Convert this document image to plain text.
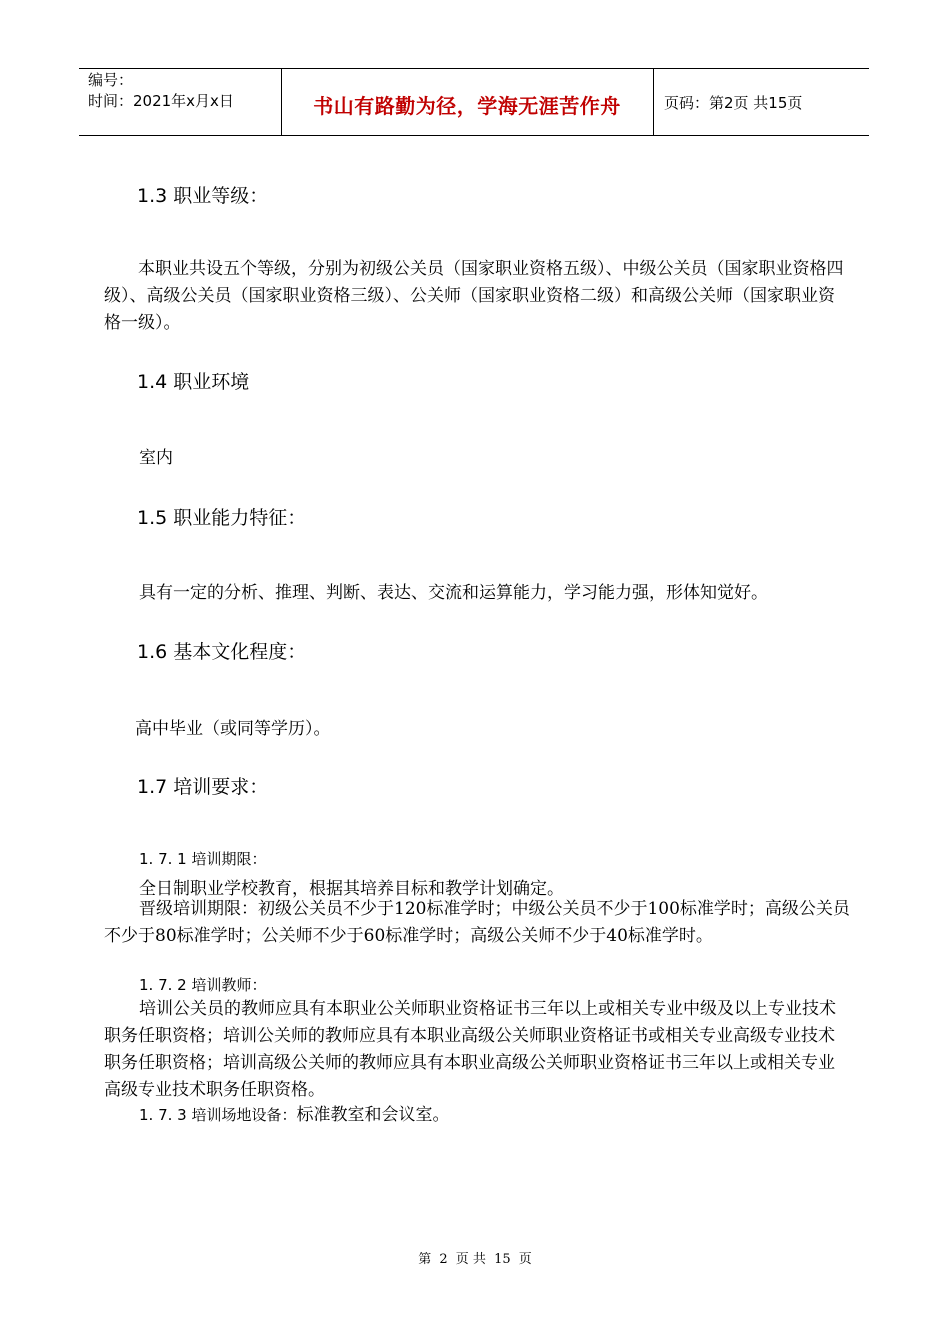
编号：
时间：2021年x月x日	书山有路勤为径，学海无涯苦作舟	页码：第2页 共15页
1.3 职业等级：

本职业共设五个等级，分别为初级公关员（国家职业资格五级）、中级公关员（国家职业资格四级）、高级公关员（国家职业资格三级）、公关师（国家职业资格二级）和高级公关师（国家职业资格一级）。

1.4 职业环境

室内

1.5 职业能力特征：

具有一定的分析、推理、判断、表达、交流和运算能力，学习能力强，形体知觉好。

1.6 基本文化程度：

高中毕业（或同等学历）。

1.7 培训要求：
1. 7. 1 培训期限：

全日制职业学校教育，根据其培养目标和教学计划确定。

晋级培训期限：初级公关员不少于120标准学时；中级公关员不少于100标准学时；高级公关员不少于80标准学时；公关师不少于60标准学时；高级公关师不少于40标准学时。

1. 7. 2 培训教师：

培训公关员的教师应具有本职业公关师职业资格证书三年以上或相关专业中级及以上专业技术职务任职资格；培训公关师的教师应具有本职业高级公关师职业资格证书或相关专业高级专业技术职务任职资格；培训高级公关师的教师应具有本职业高级公关师职业资格证书三年以上或相关专业高级专业技术职务任职资格。

1. 7. 3 培训场地设备：标准教室和会议室。
第 2 页 共 15 页
